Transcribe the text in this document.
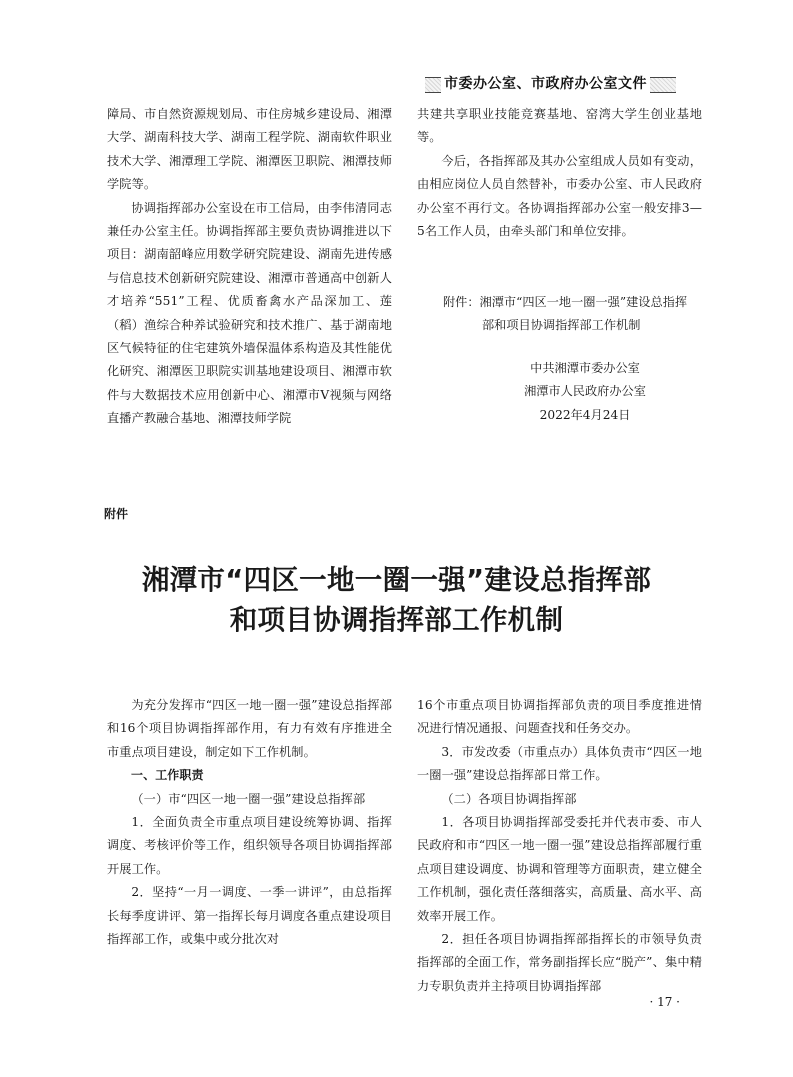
市委办公室、市政府办公室文件

障局、市自然资源规划局、市住房城乡建设局、湘潭大学、湖南科技大学、湖南工程学院、湖南软件职业技术大学、湘潭理工学院、湘潭医卫职院、湘潭技师学院等。

协调指挥部办公室设在市工信局，由李伟清同志兼任办公室主任。协调指挥部主要负责协调推进以下项目：湖南韶峰应用数学研究院建设、湖南先进传感与信息技术创新研究院建设、湘潭市普通高中创新人才培养“551”工程、优质畜禽水产品深加工、莲（稻）渔综合种养试验研究和技术推广、基于湖南地区气候特征的住宅建筑外墙保温体系构造及其性能优化研究、湘潭医卫职院实训基地建设项目、湘潭市软件与大数据技术应用创新中心、湘潭市V视频与网络直播产教融合基地、湘潭技师学院

共建共享职业技能竞赛基地、窑湾大学生创业基地等。

今后，各指挥部及其办公室组成人员如有变动，由相应岗位人员自然替补，市委办公室、市人民政府办公室不再行文。各协调指挥部办公室一般安排3—5名工作人员，由牵头部门和单位安排。

附件：湘潭市“四区一地一圈一强”建设总指挥
部和项目协调指挥部工作机制
中共湘潭市委办公室
湘潭市人民政府办公室
2022年4月24日
附件
湘潭市“四区一地一圈一强”建设总指挥部
和项目协调指挥部工作机制

为充分发挥市“四区一地一圈一强”建设总指挥部和16个项目协调指挥部作用，有力有效有序推进全市重点项目建设，制定如下工作机制。

一、工作职责

（一）市“四区一地一圈一强”建设总指挥部

1．全面负责全市重点项目建设统筹协调、指挥调度、考核评价等工作，组织领导各项目协调指挥部开展工作。

2．坚持“一月一调度、一季一讲评”，由总指挥长每季度讲评、第一指挥长每月调度各重点建设项目指挥部工作，或集中或分批次对

16个市重点项目协调指挥部负责的项目季度推进情况进行情况通报、问题查找和任务交办。

3．市发改委（市重点办）具体负责市“四区一地一圈一强”建设总指挥部日常工作。

（二）各项目协调指挥部

1．各项目协调指挥部受委托并代表市委、市人民政府和市“四区一地一圈一强”建设总指挥部履行重点项目建设调度、协调和管理等方面职责，建立健全工作机制，强化责任落细落实，高质量、高水平、高效率开展工作。

2．担任各项目协调指挥部指挥长的市领导负责指挥部的全面工作，常务副指挥长应“脱产”、集中精力专职负责并主持项目协调指挥部

· 17 ·
